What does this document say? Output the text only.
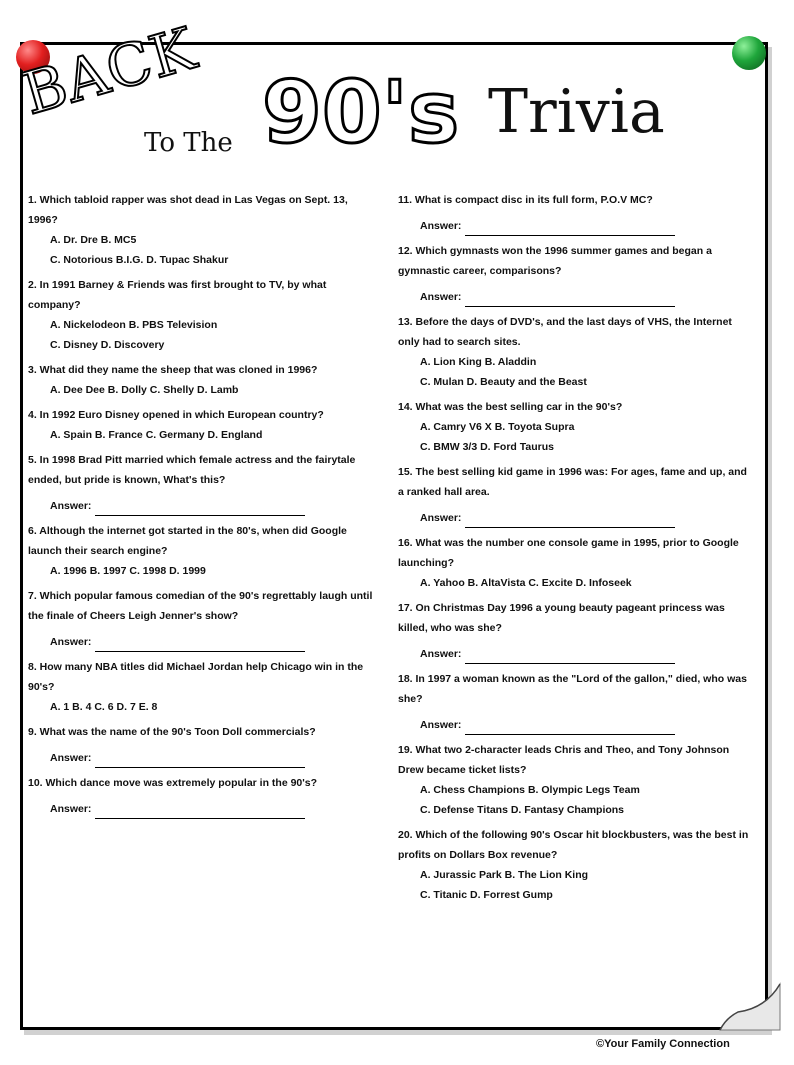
BACK
To The 90's Trivia
1. Which tabloid rapper was shot dead in Las Vegas on Sept. 13, 1996?
A. Dr. Dre B. MC5
C. Notorious B.I.G. D. Tupac Shakur
2. In 1991 Barney & Friends was first brought to TV, by what company?
A. Nickelodeon B. PBS Television
C. Disney D. Discovery
3. What did they name the sheep that was cloned in 1996?
A. Dee Dee B. Dolly C. Shelly D. Lamb
4. In 1992 Euro Disney opened in which European country?
A. Spain B. France C. Germany D. England
5. In 1998 Brad Pitt married which female actress and the fairytale ended, but pride is known, What's this?
Answer:
6. Although the internet got started in the 80's, when did Google launch their search engine?
A. 1996 B. 1997 C. 1998 D. 1999
7. Which popular famous comedian of the 90's regrettably laugh until the finale of Cheers Leigh Jenner's show?
Answer:
8. How many NBA titles did Michael Jordan help Chicago win in the 90's?
A. 1 B. 4 C. 6 D. 7 E. 8
9. What was the name of the 90's Toon Doll commercials?
Answer:
10. Which dance move was extremely popular in the 90's?
Answer:
11. What is compact disc in its full form, P.O.V MC?
Answer:
12. Which gymnasts won the 1996 summer games and began a gymnastic career, comparisons?
Answer:
13. Before the days of DVD's, and the last days of VHS, the Internet only had to search sites.
A. Lion King B. Aladdin
C. Mulan D. Beauty and the Beast
14. What was the best selling car in the 90's?
A. Camry V6 X B. Toyota Supra
C. BMW 3/3 D. Ford Taurus
15. The best selling kid game in 1996 was: For ages, fame and up, and a ranked hall area.
Answer:
16. What was the number one console game in 1995, prior to Google launching?
A. Yahoo B. AltaVista C. Excite D. Infoseek
17. On Christmas Day 1996 a young beauty pageant princess was killed, who was she?
Answer:
18. In 1997 a woman known as the "Lord of the gallon," died, who was she?
Answer:
19. What two 2-character leads Chris and Theo, and Tony Johnson Drew became ticket lists?
A. Chess Champions B. Olympic Legs Team
C. Defense Titans D. Fantasy Champions
20. Which of the following 90's Oscar hit blockbusters, was the best in profits on Dollars Box revenue?
A. Jurassic Park B. The Lion King
C. Titanic D. Forrest Gump
©Your Family Connection
